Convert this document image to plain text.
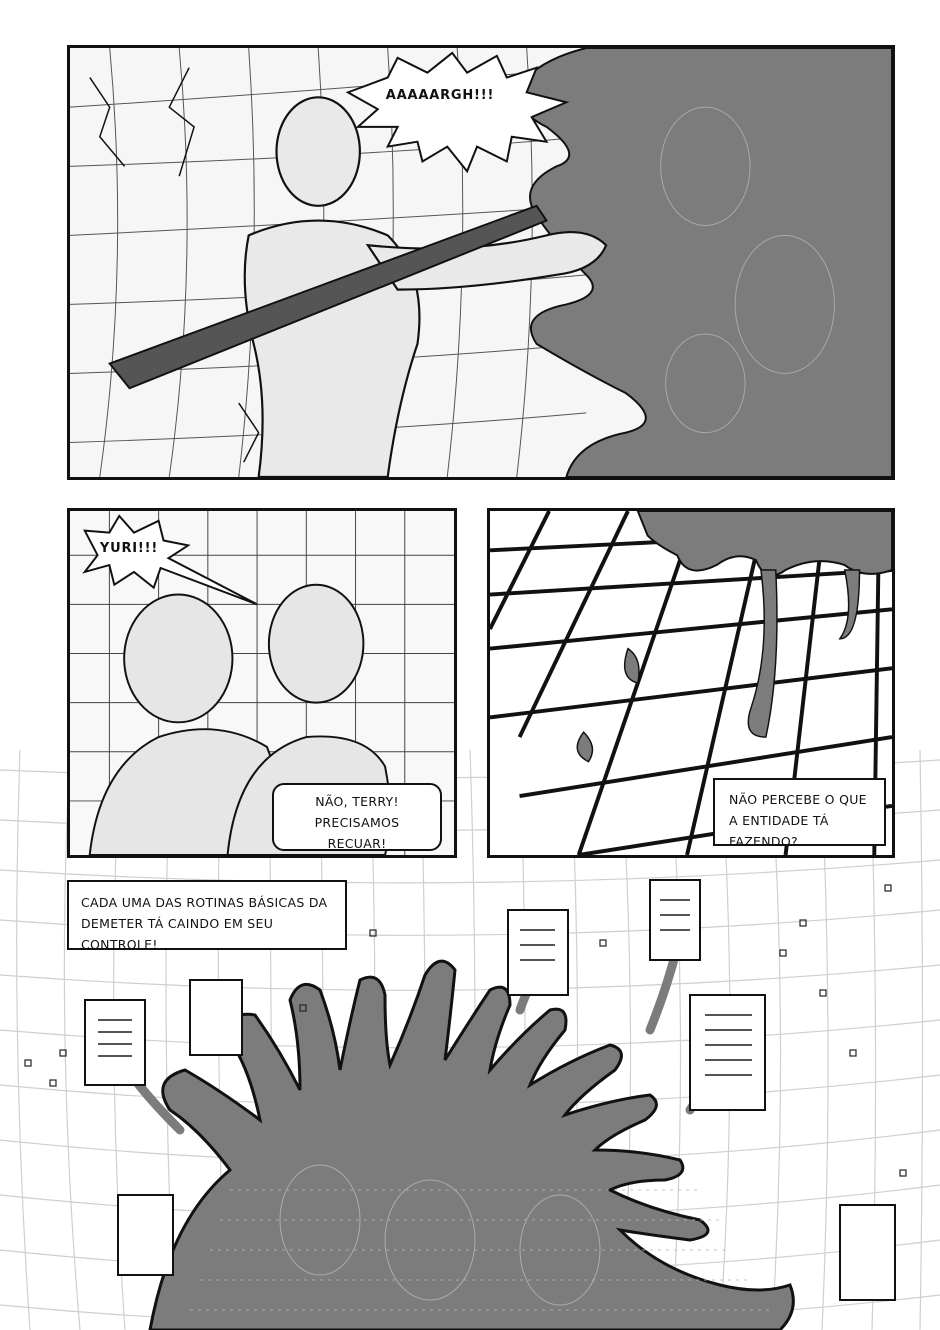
AAAAARGH!!!
YURI!!!
NÃO, TERRY!
PRECISAMOS RECUAR!
NÃO PERCEBE O QUE
A ENTIDADE TÁ FAZENDO?
CADA UMA DAS ROTINAS BÁSICAS DA
DEMETER TÁ CAINDO EM SEU CONTROLE!
